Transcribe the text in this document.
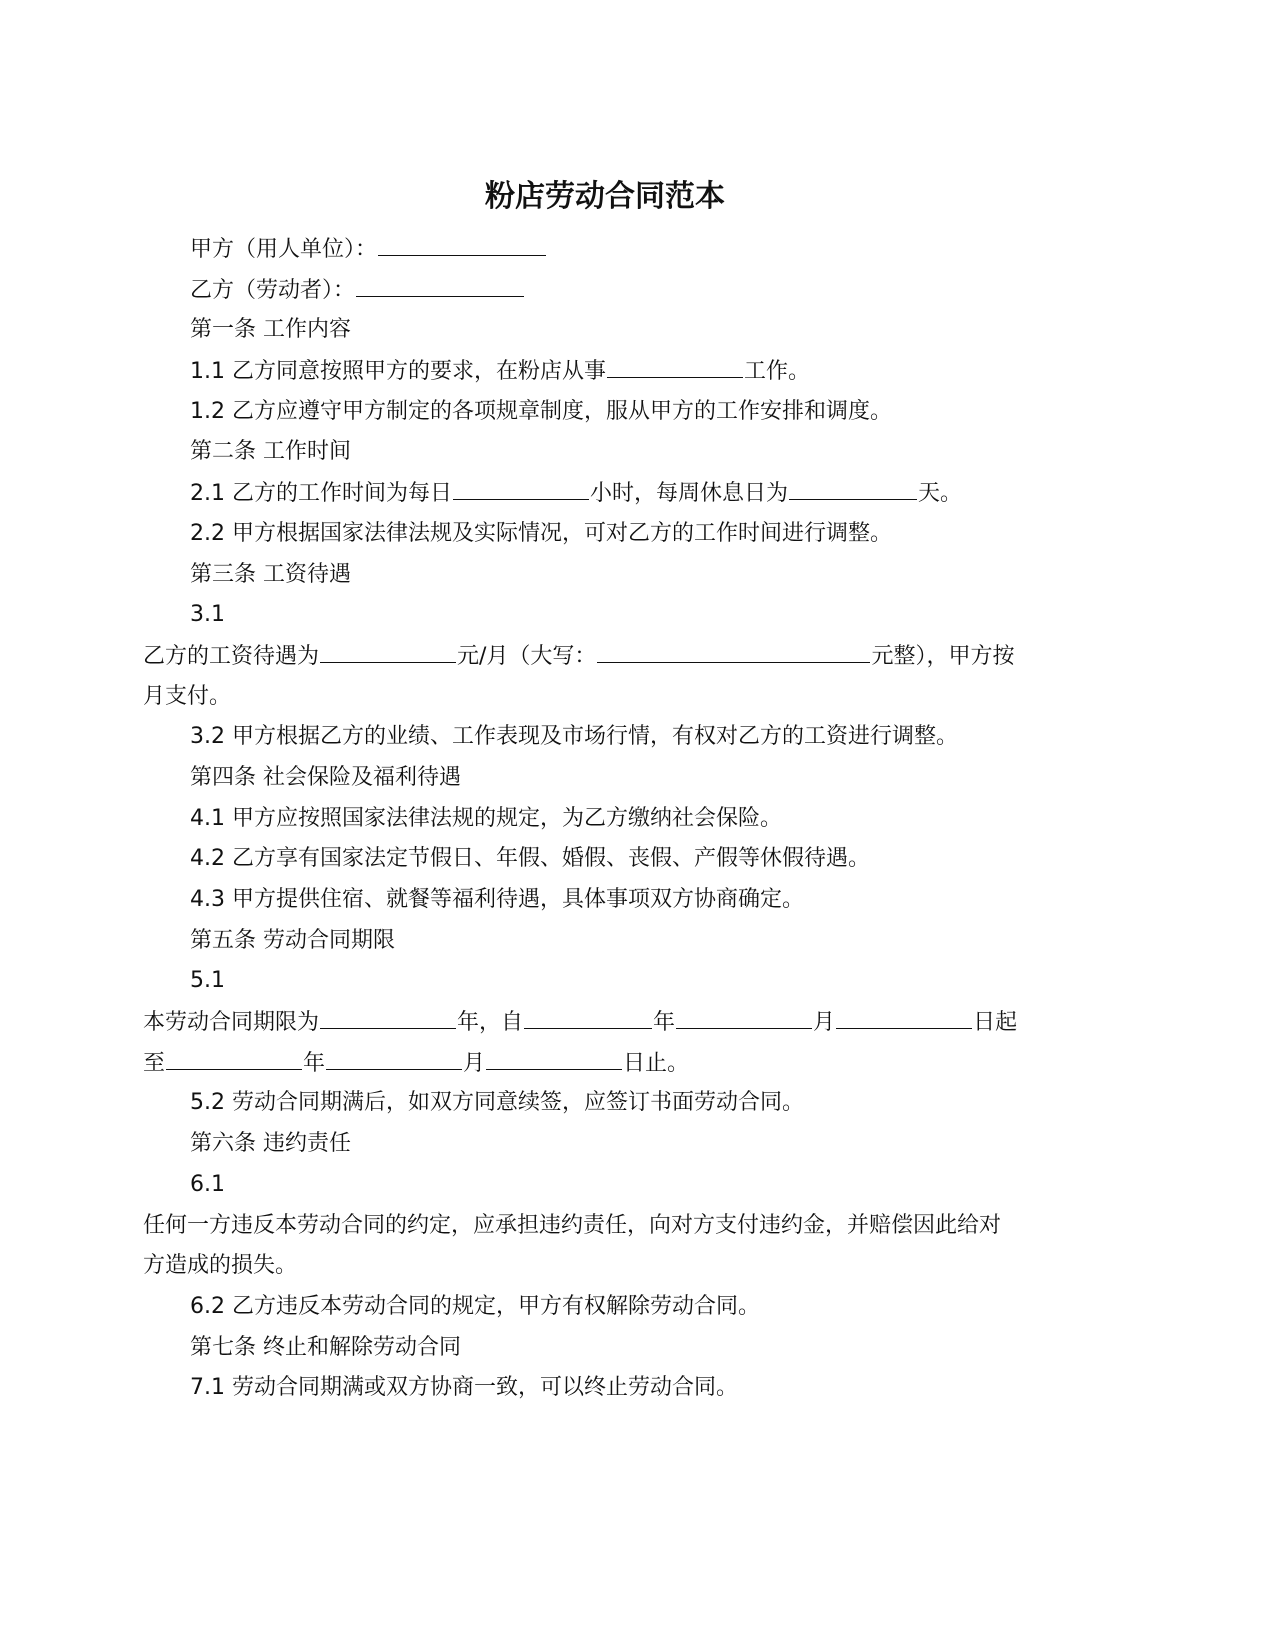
粉店劳动合同范本
甲方（用人单位）：
乙方（劳动者）：
第一条 工作内容
1.1 乙方同意按照甲方的要求，在粉店从事	工作。
1.2 乙方应遵守甲方制定的各项规章制度，服从甲方的工作安排和调度。
第二条 工作时间
2.1 乙方的工作时间为每日	小时，每周休息日为	天。
2.2 甲方根据国家法律法规及实际情况，可对乙方的工作时间进行调整。
第三条 工资待遇
3.1
乙方的工资待遇为	元/月（大写：	元整），甲方按
月支付。
3.2 甲方根据乙方的业绩、工作表现及市场行情，有权对乙方的工资进行调整。
第四条 社会保险及福利待遇
4.1 甲方应按照国家法律法规的规定，为乙方缴纳社会保险。
4.2 乙方享有国家法定节假日、年假、婚假、丧假、产假等休假待遇。
4.3 甲方提供住宿、就餐等福利待遇，具体事项双方协商确定。
第五条 劳动合同期限
5.1
本劳动合同期限为	年，自	年	月	日起
至	年	月	日止。
5.2 劳动合同期满后，如双方同意续签，应签订书面劳动合同。
第六条 违约责任
6.1
任何一方违反本劳动合同的约定，应承担违约责任，向对方支付违约金，并赔偿因此给对
方造成的损失。
6.2 乙方违反本劳动合同的规定，甲方有权解除劳动合同。
第七条 终止和解除劳动合同
7.1 劳动合同期满或双方协商一致，可以终止劳动合同。
